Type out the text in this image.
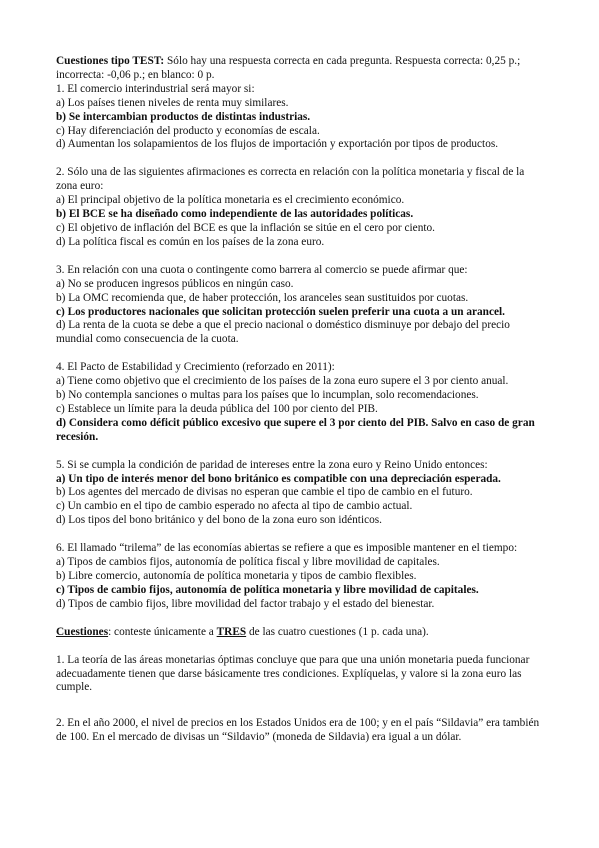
Cuestiones tipo TEST: Sólo hay una respuesta correcta en cada pregunta. Respuesta correcta: 0,25 p.; incorrecta: -0,06 p.; en blanco: 0 p.

1. El comercio interindustrial será mayor si:

a) Los países tienen niveles de renta muy similares.

b) Se intercambian productos de distintas industrias.

c) Hay diferenciación del producto y economías de escala.

d) Aumentan los solapamientos de los flujos de importación y exportación por tipos de productos.

2. Sólo una de las siguientes afirmaciones es correcta en relación con la política monetaria y fiscal de la zona euro:

a) El principal objetivo de la política monetaria es el crecimiento económico.

b) El BCE se ha diseñado como independiente de las autoridades políticas.

c) El objetivo de inflación del BCE es que la inflación se sitúe en el cero por ciento.

d) La política fiscal es común en los países de la zona euro.

3. En relación con una cuota o contingente como barrera al comercio se puede afirmar que:

a) No se producen ingresos públicos en ningún caso.

b) La OMC recomienda que, de haber protección, los aranceles sean sustituidos por cuotas.

c) Los productores nacionales que solicitan protección suelen preferir una cuota a un arancel.

d) La renta de la cuota se debe a que el precio nacional o doméstico disminuye por debajo del precio mundial como consecuencia de la cuota.

4. El Pacto de Estabilidad y Crecimiento (reforzado en 2011):

a) Tiene como objetivo que el crecimiento de los países de la zona euro supere el 3 por ciento anual.

b) No contempla sanciones o multas para los países que lo incumplan, solo recomendaciones.

c) Establece un límite para la deuda pública del 100 por ciento del PIB.

d) Considera como déficit público excesivo que supere el 3 por ciento del PIB. Salvo en caso de gran recesión.

5. Si se cumpla la condición de paridad de intereses entre la zona euro y Reino Unido entonces:

a) Un tipo de interés menor del bono británico es compatible con una depreciación esperada.

b) Los agentes del mercado de divisas no esperan que cambie el tipo de cambio en el futuro.

c) Un cambio en el tipo de cambio esperado no afecta al tipo de cambio actual.

d) Los tipos del bono británico y del bono de la zona euro son idénticos.

6. El llamado “trilema” de las economías abiertas se refiere a que es imposible mantener en el tiempo:

a) Tipos de cambios fijos, autonomía de política fiscal y libre movilidad de capitales.

b) Libre comercio, autonomía de política monetaria y tipos de cambio flexibles.

c) Tipos de cambio fijos, autonomía de política monetaria y libre movilidad de capitales.

d) Tipos de cambio fijos, libre movilidad del factor trabajo y el estado del bienestar.

Cuestiones: conteste únicamente a TRES de las cuatro cuestiones (1 p. cada una).

1. La teoría de las áreas monetarias óptimas concluye que para que una unión monetaria pueda funcionar adecuadamente tienen que darse básicamente tres condiciones. Explíquelas, y valore si la zona euro las cumple.

2. En el año 2000, el nivel de precios en los Estados Unidos era de 100; y en el país “Sildavia” era también de 100. En el mercado de divisas un “Sildavio” (moneda de Sildavia) era igual a un dólar.
